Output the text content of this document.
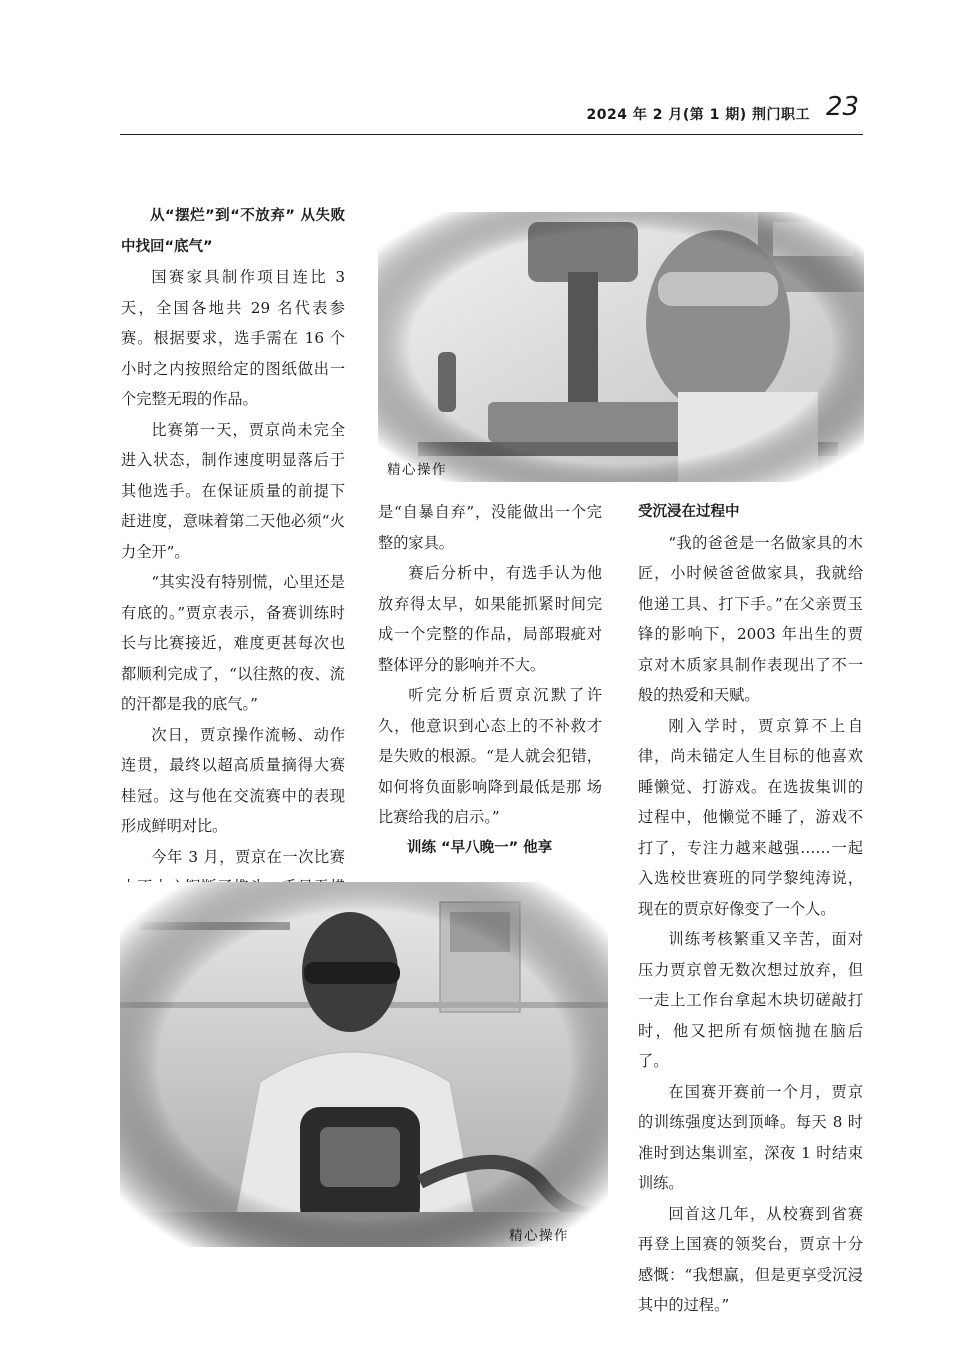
2024 年 2 月(第 1 期) 荆门职工 23

从“摆烂”到“不放弃” 从失败中找回“底气”

国赛家具制作项目连比 3 天，全国各地共 29 名代表参赛。根据要求，选手需在 16 个小时之内按照给定的图纸做出一个完整无瑕的作品。

比赛第一天，贾京尚未完全进入状态，制作速度明显落后于其他选手。在保证质量的前提下赶进度，意味着第二天他必须“火力全开”。

“其实没有特别慌，心里还是有底的。”贾京表示，备赛训练时长与比赛接近，难度更甚每次也都顺利完成了，“以往熬的夜、流的汗都是我的底气。”

次日，贾京操作流畅、动作连贯，最终以超高质量摘得大赛桂冠。这与他在交流赛中的表现形成鲜明对比。

今年 3 月，贾京在一次比赛

精心操作

是“自暴自弃”，没能做出一个完整的家具。

赛后分析中，有选手认为他放弃得太早，如果能抓紧时间完成一个完整的作品，局部瑕疵对整体评分的影响并不大。

听完分析后贾京沉默了许久，他意识到心态上的不补救才是失败的根源。“是人就会犯错，如何将负面影响降到最低是那 场比赛给我的启示。”

训练 “早八晚一” 他享

受沉浸在过程中

“我的爸爸是一名做家具的木匠，小时候爸爸做家具，我就给他递工具、打下手。”在父亲贾玉锋的影响下，2003 年出生的贾京对木质家具制作表现出了不一般的热爱和天赋。

刚入学时，贾京算不上自律，尚未锚定人生目标的他喜欢睡懒觉、打游戏。在选拔集训的过程中，他懒觉不睡了，游戏不打了，专注力越来越强……一起入选校世赛班的同学黎纯涛说，现在的贾京好像变了一个人。

训练考核繁重又辛苦，面对压力贾京曾无数次想过放弃，但一走上工作台拿起木块切磋敲打时，他又把所有烦恼抛在脑后了。

在国赛开赛前一个月，贾京的训练强度达到顶峰。每天 8 时准时到达集训室，深夜 1 时结束训练。

回首这几年，从校赛到省赛再登上国赛的领奖台，贾京十分感慨：“我想赢，但是更享受沉浸其中的过程。”

精心操作
